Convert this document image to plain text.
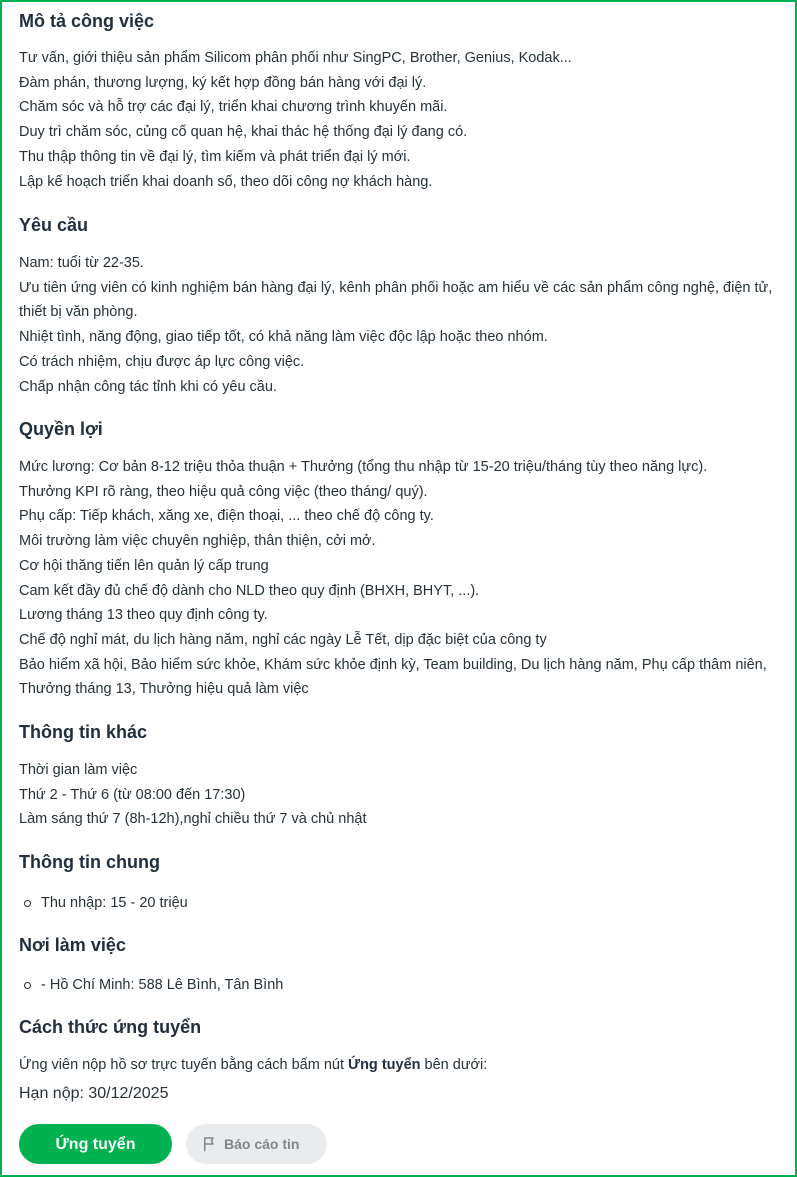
Mô tả công việc
Tư vấn, giới thiệu sản phẩm Silicom phân phối như SingPC, Brother, Genius, Kodak...
Đàm phán, thương lượng, ký kết hợp đồng bán hàng với đại lý.
Chăm sóc và hỗ trợ các đại lý, triển khai chương trình khuyến mãi.
Duy trì chăm sóc, củng cố quan hệ, khai thác hệ thống đại lý đang có.
Thu thập thông tin về đại lý, tìm kiếm và phát triển đại lý mới.
Lập kế hoạch triển khai doanh số, theo dõi công nợ khách hàng.
Yêu cầu
Nam: tuổi từ 22-35.
Ưu tiên ứng viên có kinh nghiệm bán hàng đại lý, kênh phân phối hoặc am hiểu về các sản phẩm công nghệ, điện tử, thiết bị văn phòng.
Nhiệt tình, năng động, giao tiếp tốt, có khả năng làm việc độc lập hoặc theo nhóm.
Có trách nhiệm, chịu được áp lực công việc.
Chấp nhận công tác tỉnh khi có yêu cầu.
Quyền lợi
Mức lương: Cơ bản 8-12 triệu thỏa thuận + Thưởng (tổng thu nhập từ 15-20 triệu/tháng tùy theo năng lực).
Thưởng KPI rõ ràng, theo hiệu quả công việc (theo tháng/ quý).
Phụ cấp: Tiếp khách, xăng xe, điện thoại, ... theo chế độ công ty.
Môi trường làm việc chuyên nghiệp, thân thiện, cởi mở.
Cơ hội thăng tiến lên quản lý cấp trung
Cam kết đầy đủ chế độ dành cho NLD theo quy định (BHXH, BHYT, ...).
Lương tháng 13 theo quy định công ty.
Chế độ nghỉ mát, du lịch hàng năm, nghỉ các ngày Lễ Tết, dịp đặc biệt của công ty
Bảo hiểm xã hội, Bảo hiểm sức khỏe, Khám sức khỏe định kỳ, Team building, Du lịch hàng năm, Phụ cấp thâm niên,
Thưởng tháng 13, Thưởng hiệu quả làm việc
Thông tin khác
Thời gian làm việc
Thứ 2 - Thứ 6 (từ 08:00 đến 17:30)
Làm sáng thứ 7 (8h-12h),nghỉ chiều thứ 7 và chủ nhật
Thông tin chung
Thu nhập: 15 - 20 triệu
Nơi làm việc
- Hồ Chí Minh: 588 Lê Bình, Tân Bình
Cách thức ứng tuyển
Ứng viên nộp hồ sơ trực tuyến bằng cách bấm nút Ứng tuyển bên dưới:
Hạn nộp: 30/12/2025
Ứng tuyển	Báo cáo tin
